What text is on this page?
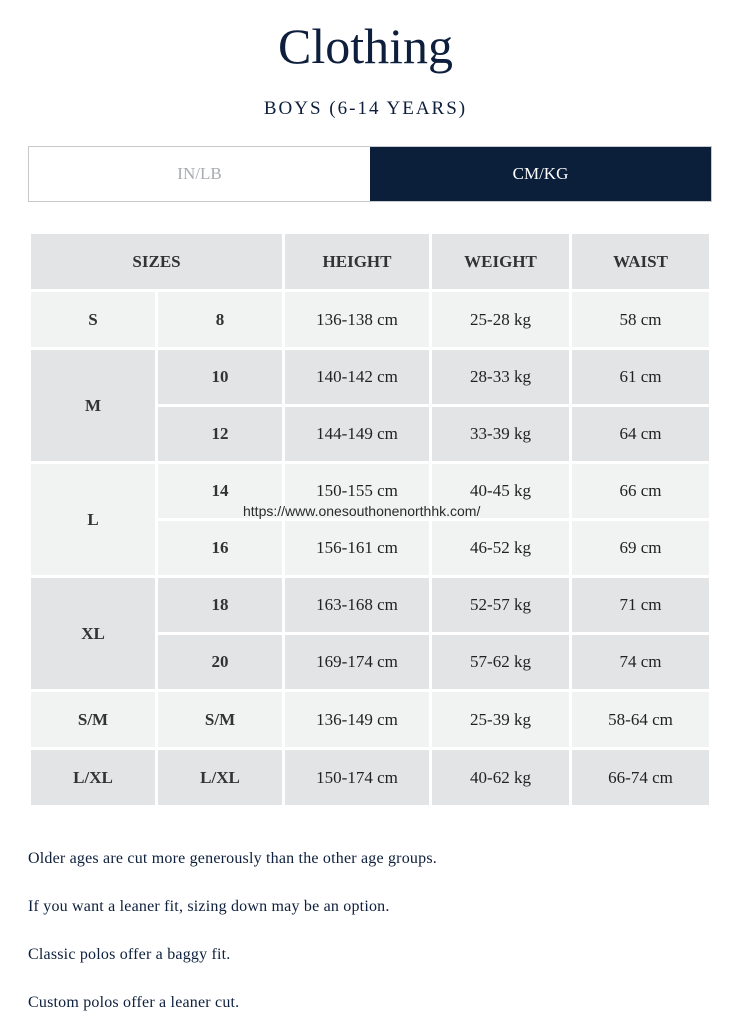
Clothing
BOYS (6-14 YEARS)
IN/LB	CM/KG
SIZES		HEIGHT	WEIGHT	WAIST
S	8	136-138 cm	25-28 kg	58 cm
M	10	140-142 cm	28-33 kg	61 cm
	12	144-149 cm	33-39 kg	64 cm
L	14	150-155 cm	40-45 kg	66 cm
	16	156-161 cm	46-52 kg	69 cm
XL	18	163-168 cm	52-57 kg	71 cm
	20	169-174 cm	57-62 kg	74 cm
S/M	S/M	136-149 cm	25-39 kg	58-64 cm
L/XL	L/XL	150-174 cm	40-62 kg	66-74 cm
https://www.onesouthonenorthhk.com/

Older ages are cut more generously than the other age groups.

If you want a leaner fit, sizing down may be an option.

Classic polos offer a baggy fit.

Custom polos offer a leaner cut.
